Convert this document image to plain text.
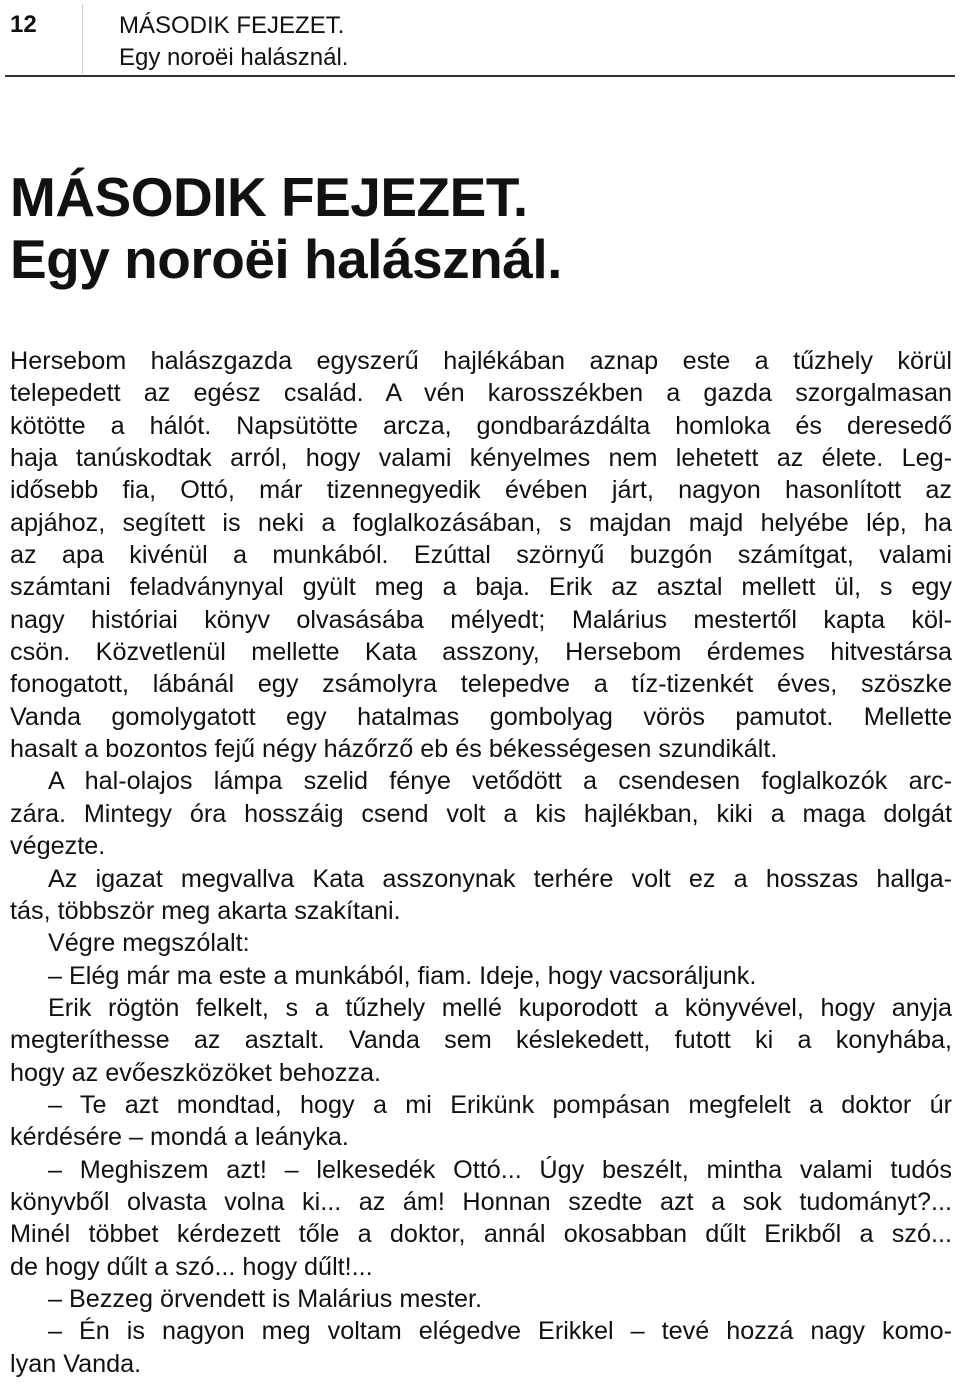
12	MÁSODIK FEJEZET.
Egy noroëi halásznál.
MÁSODIK FEJEZET.
Egy noroëi halásznál.
Hersebom halászgazda egyszerű hajlékában aznap este a tűzhely körül
telepedett az egész család. A vén karosszékben a gazda szorgalmasan
kötötte a hálót. Napsütötte arcza, gondbarázdálta homloka és deresedő
haja tanúskodtak arról, hogy valami kényelmes nem lehetett az élete. Leg-
idősebb fia, Ottó, már tizennegyedik évében járt, nagyon hasonlított az
apjához, segített is neki a foglalkozásában, s majdan majd helyébe lép, ha
az apa kivénül a munkából. Ezúttal szörnyű buzgón számítgat, valami
számtani feladványnyal gyült meg a baja. Erik az asztal mellett ül, s egy
nagy históriai könyv olvasásába mélyedt; Malárius mestertől kapta köl-
csön. Közvetlenül mellette Kata asszony, Hersebom érdemes hitvestársa
fonogatott, lábánál egy zsámolyra telepedve a tíz-tizenkét éves, szöszke
Vanda gomolygatott egy hatalmas gombolyag vörös pamutot. Mellette
hasalt a bozontos fejű négy házőrző eb és békességesen szundikált.
A hal-olajos lámpa szelid fénye vetődött a csendesen foglalkozók arc-
zára. Mintegy óra hosszáig csend volt a kis hajlékban, kiki a maga dolgát
végezte.
Az igazat megvallva Kata asszonynak terhére volt ez a hosszas hallga-
tás, többször meg akarta szakítani.
Végre megszólalt:
– Elég már ma este a munkából, fiam. Ideje, hogy vacsoráljunk.
Erik rögtön felkelt, s a tűzhely mellé kuporodott a könyvével, hogy anyja
megteríthesse az asztalt. Vanda sem késlekedett, futott ki a konyhába,
hogy az evőeszközöket behozza.
– Te azt mondtad, hogy a mi Erikünk pompásan megfelelt a doktor úr
kérdésére – mondá a leányka.
– Meghiszem azt! – lelkesedék Ottó... Úgy beszélt, mintha valami tudós
könyvből olvasta volna ki... az ám! Honnan szedte azt a sok tudományt?...
Minél többet kérdezett tőle a doktor, annál okosabban dűlt Erikből a szó...
de hogy dűlt a szó... hogy dűlt!...
– Bezzeg örvendett is Malárius mester.
– Én is nagyon meg voltam elégedve Erikkel – tevé hozzá nagy komo-
lyan Vanda.
